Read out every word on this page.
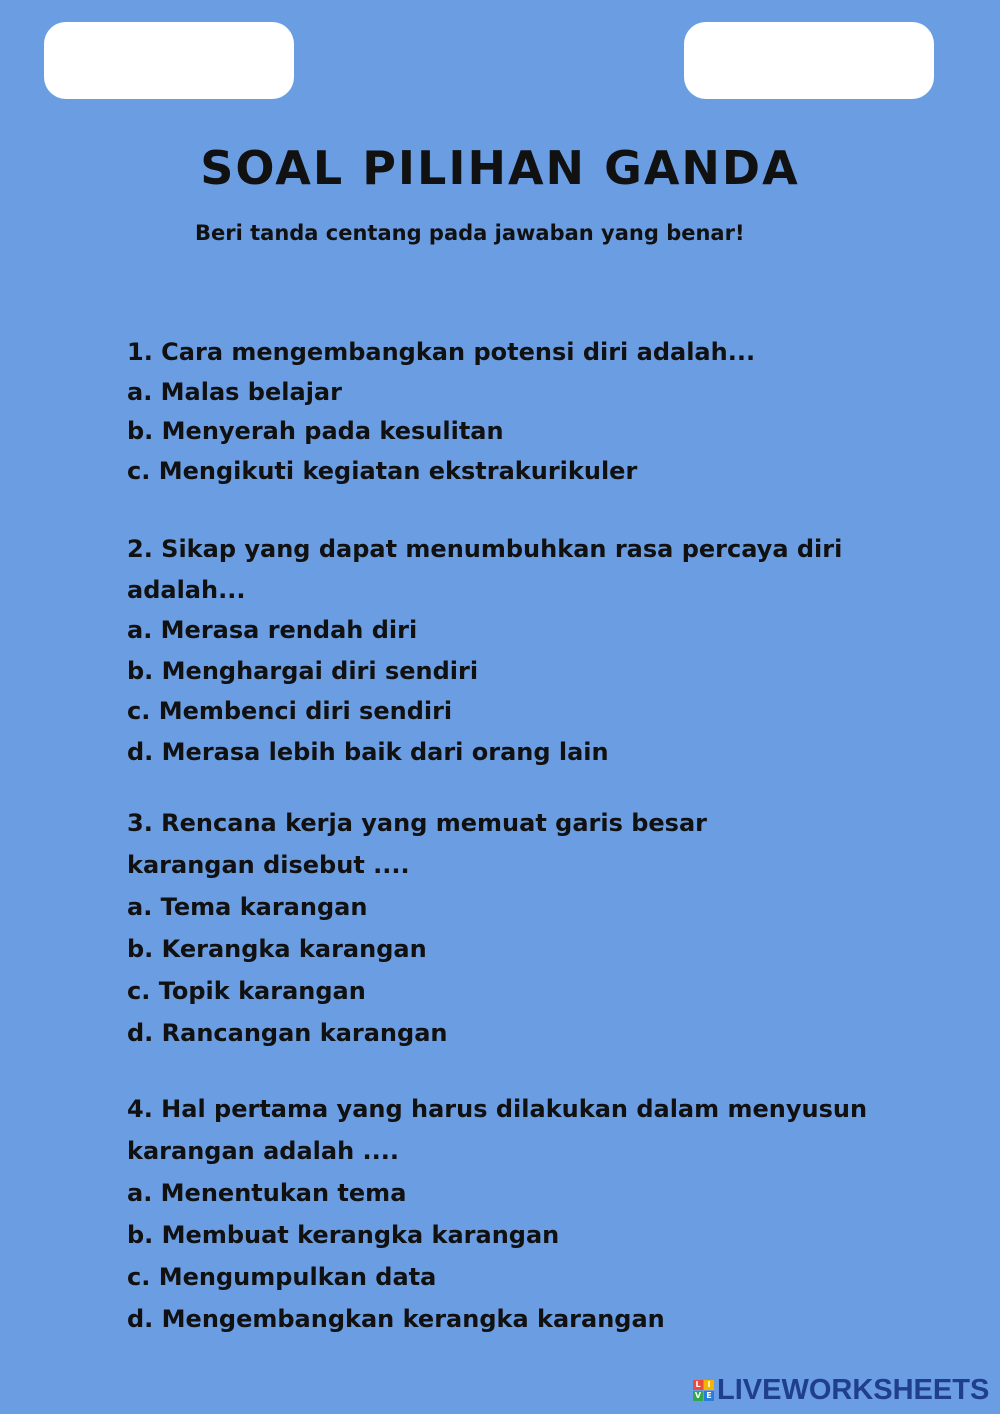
SOAL PILIHAN GANDA

Beri tanda centang pada jawaban yang benar!

1. Cara mengembangkan potensi diri adalah...

a. Malas belajar

b. Menyerah pada kesulitan

c. Mengikuti kegiatan ekstrakurikuler

2. Sikap yang dapat menumbuhkan rasa percaya diri adalah...

a. Merasa rendah diri

b. Menghargai diri sendiri

c. Membenci diri sendiri

d. Merasa lebih baik dari orang lain

3. Rencana kerja yang memuat garis besar karangan disebut ....

a. Tema karangan

b. Kerangka karangan

c. Topik karangan

d. Rancangan karangan

4. Hal pertama yang harus dilakukan dalam menyusun karangan adalah ....

a. Menentukan tema

b. Membuat kerangka karangan

c. Mengumpulkan data

d. Mengembangkan kerangka karangan

L I
V E LIVEWORKSHEETS
